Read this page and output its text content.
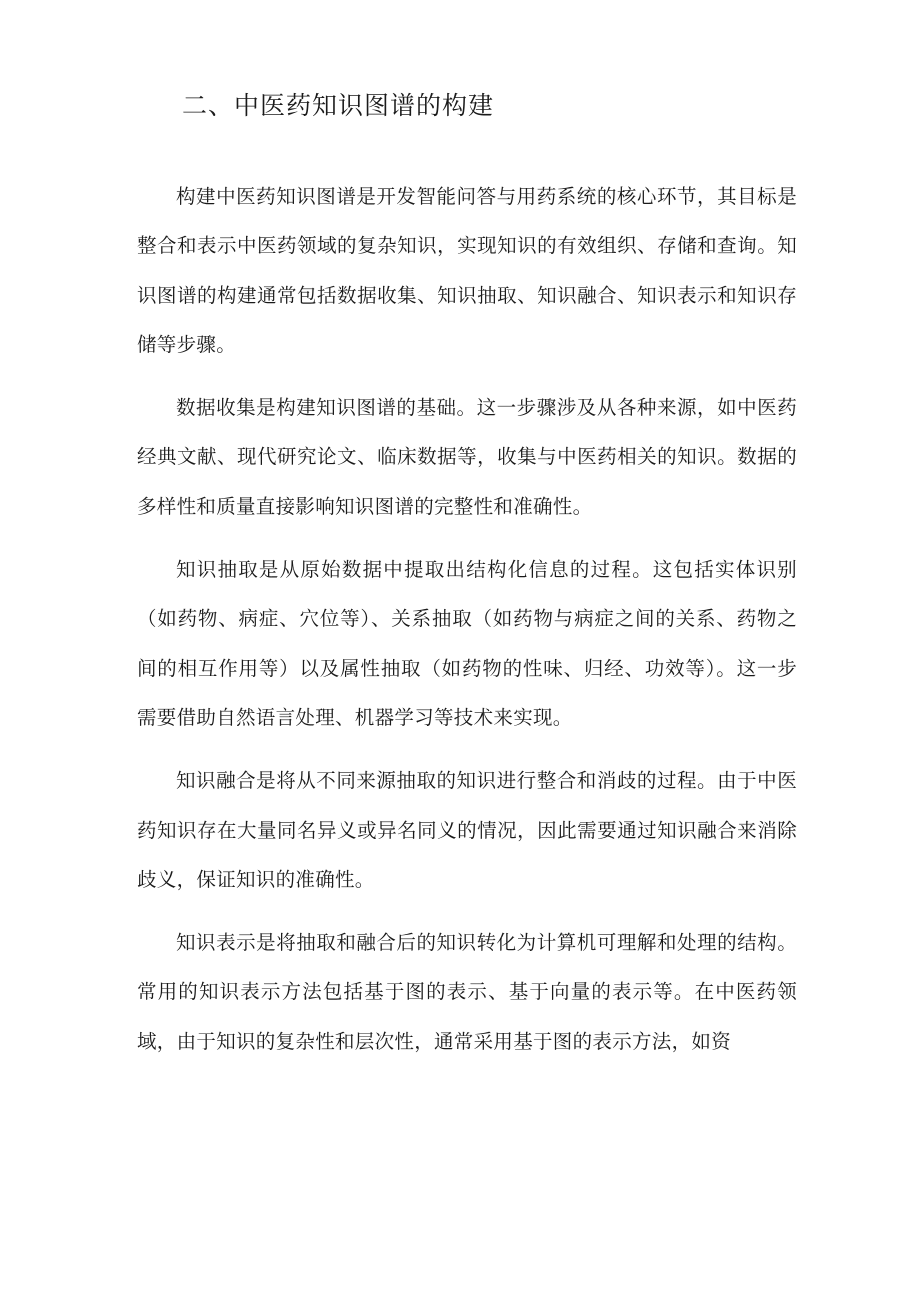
二、中医药知识图谱的构建

构建中医药知识图谱是开发智能问答与用药系统的核心环节，其目标是整合和表示中医药领域的复杂知识，实现知识的有效组织、存储和查询。知识图谱的构建通常包括数据收集、知识抽取、知识融合、知识表示和知识存储等步骤。

数据收集是构建知识图谱的基础。这一步骤涉及从各种来源，如中医药经典文献、现代研究论文、临床数据等，收集与中医药相关的知识。数据的多样性和质量直接影响知识图谱的完整性和准确性。

知识抽取是从原始数据中提取出结构化信息的过程。这包括实体识别（如药物、病症、穴位等）、关系抽取（如药物与病症之间的关系、药物之间的相互作用等）以及属性抽取（如药物的性味、归经、功效等）。这一步需要借助自然语言处理、机器学习等技术来实现。

知识融合是将从不同来源抽取的知识进行整合和消歧的过程。由于中医药知识存在大量同名异义或异名同义的情况，因此需要通过知识融合来消除歧义，保证知识的准确性。

知识表示是将抽取和融合后的知识转化为计算机可理解和处理的结构。常用的知识表示方法包括基于图的表示、基于向量的表示等。在中医药领域，由于知识的复杂性和层次性，通常采用基于图的表示方法，如资
